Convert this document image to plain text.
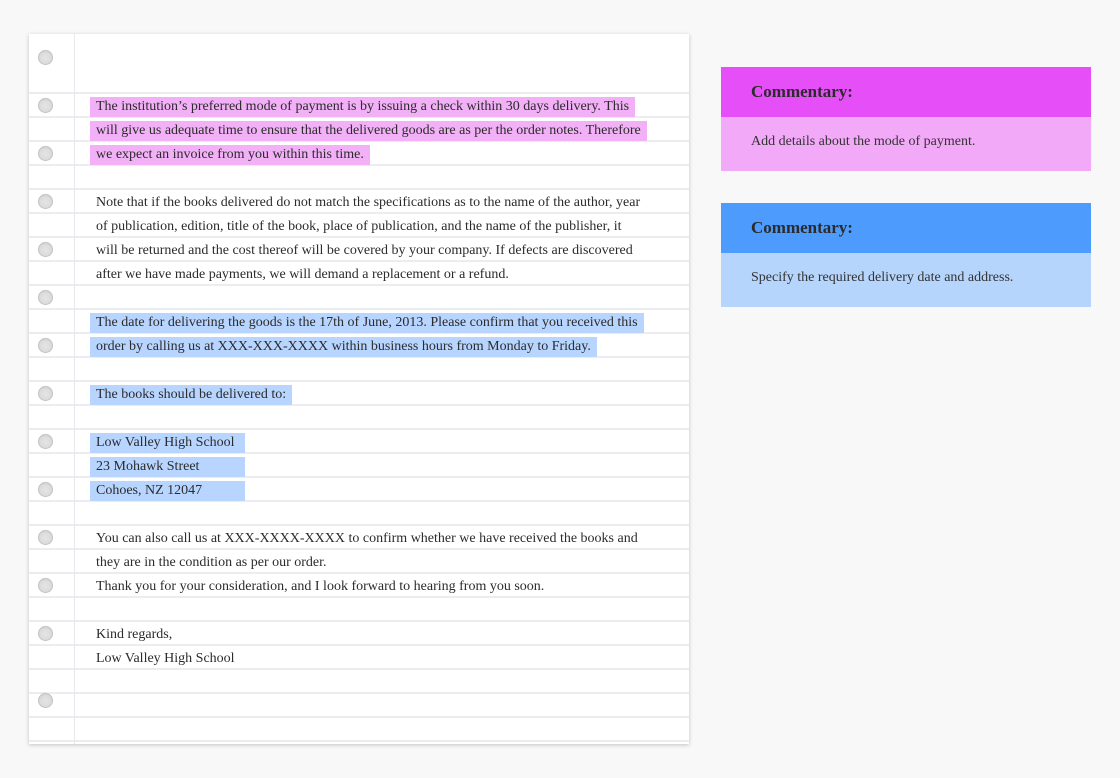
The institution’s preferred mode of payment is by issuing a check within 30 days delivery. This
will give us adequate time to ensure that the delivered goods are as per the order notes. Therefore
we expect an invoice from you within this time.
Note that if the books delivered do not match the specifications as to the name of the author, year
of publication, edition, title of the book, place of publication, and the name of the publisher, it
will be returned and the cost thereof will be covered by your company. If defects are discovered
after we have made payments, we will demand a replacement or a refund.
The date for delivering the goods is the 17th of June, 2013. Please confirm that you received this
order by calling us at XXX-XXX-XXXX within business hours from Monday to Friday.
The books should be delivered to:
Low Valley High School
23 Mohawk Street
Cohoes, NZ 12047
You can also call us at XXX-XXXX-XXXX to confirm whether we have received the books and
they are in the condition as per our order.
Thank you for your consideration, and I look forward to hearing from you soon.
Kind regards,
Low Valley High School
Commentary:
Add details about the mode of payment.
Commentary:
Specify the required delivery date and address.
